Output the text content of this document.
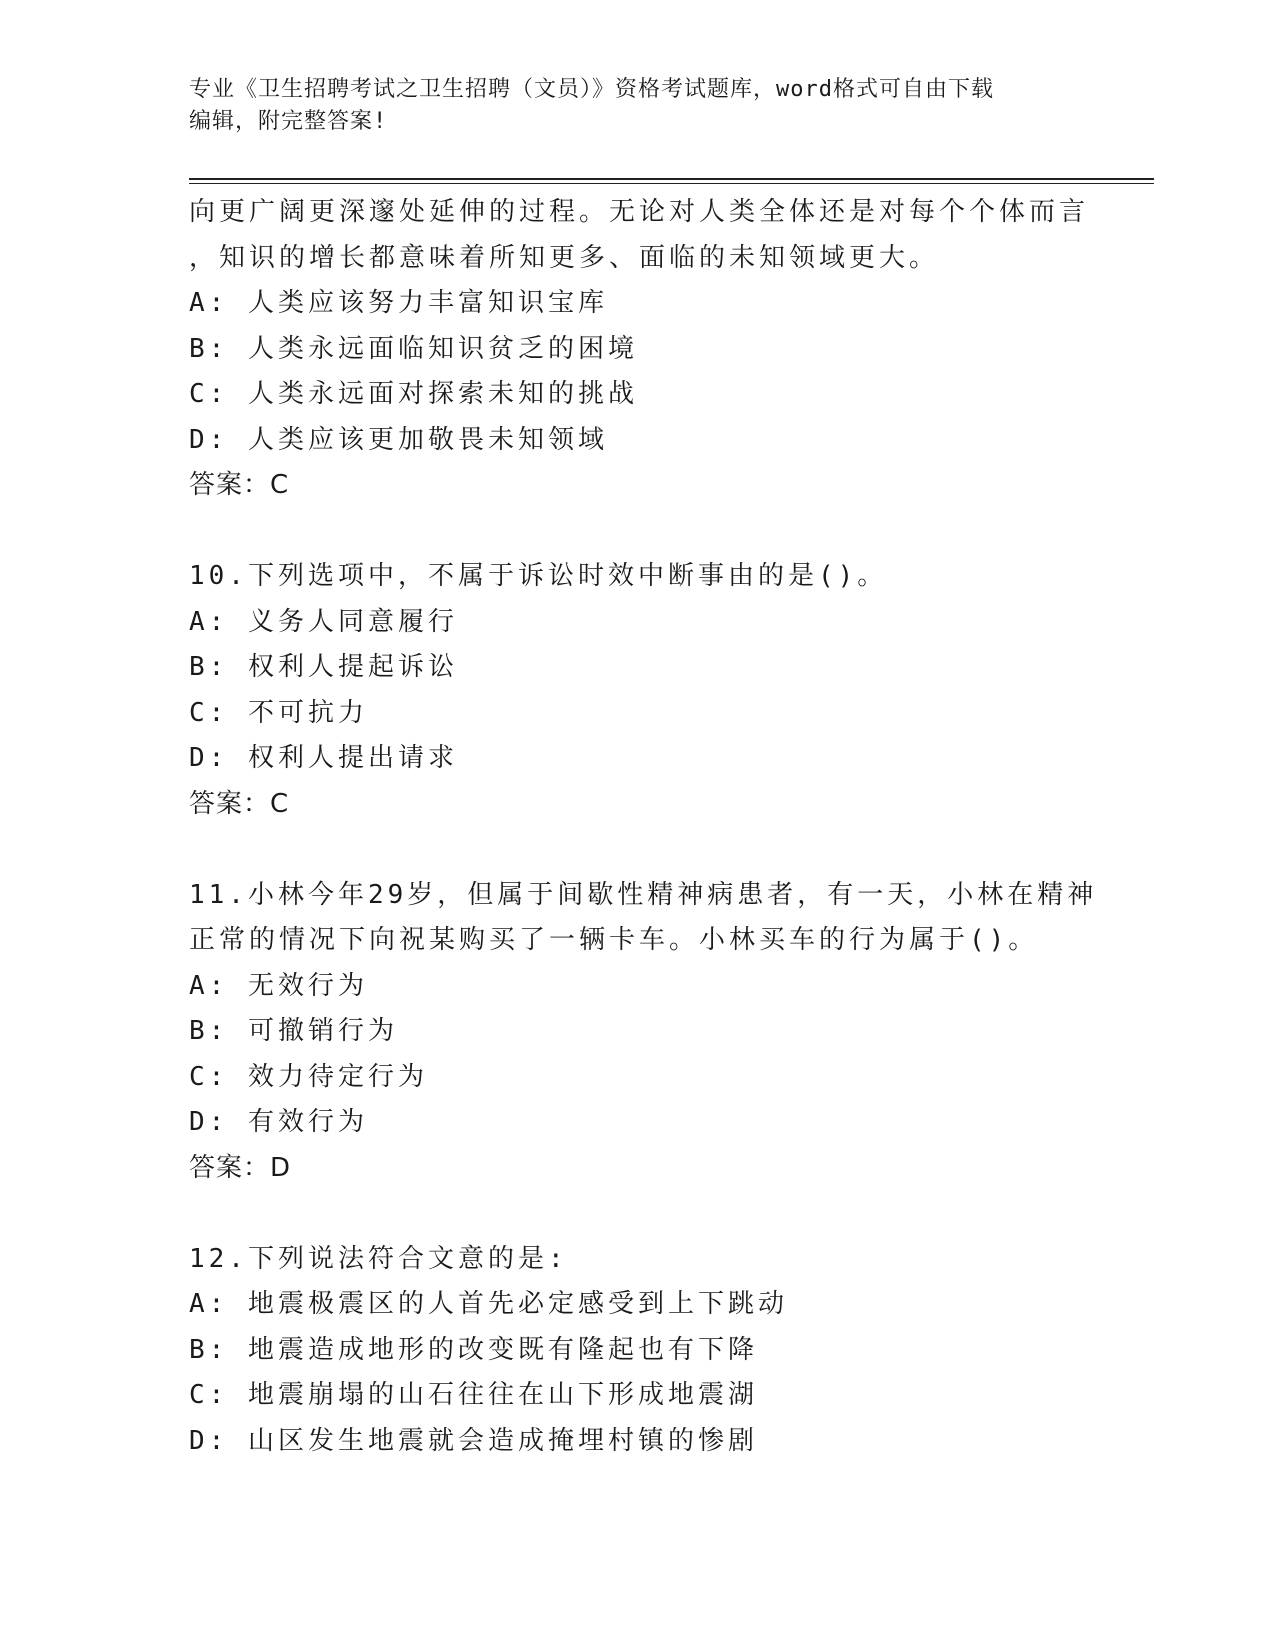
专业《卫生招聘考试之卫生招聘（文员）》资格考试题库，word格式可自由下载
编辑，附完整答案!
向更广阔更深邃处延伸的过程。无论对人类全体还是对每个个体而言
，知识的增长都意味着所知更多、面临的未知领域更大。
A: 人类应该努力丰富知识宝库
B: 人类永远面临知识贫乏的困境
C: 人类永远面对探索未知的挑战
D: 人类应该更加敬畏未知领域
答案：C
10.下列选项中，不属于诉讼时效中断事由的是()。
A: 义务人同意履行
B: 权利人提起诉讼
C: 不可抗力
D: 权利人提出请求
答案：C
11.小林今年29岁，但属于间歇性精神病患者，有一天，小林在精神
正常的情况下向祝某购买了一辆卡车。小林买车的行为属于()。
A: 无效行为
B: 可撤销行为
C: 效力待定行为
D: 有效行为
答案：D
12.下列说法符合文意的是:
A: 地震极震区的人首先必定感受到上下跳动
B: 地震造成地形的改变既有隆起也有下降
C: 地震崩塌的山石往往在山下形成地震湖
D: 山区发生地震就会造成掩埋村镇的惨剧
